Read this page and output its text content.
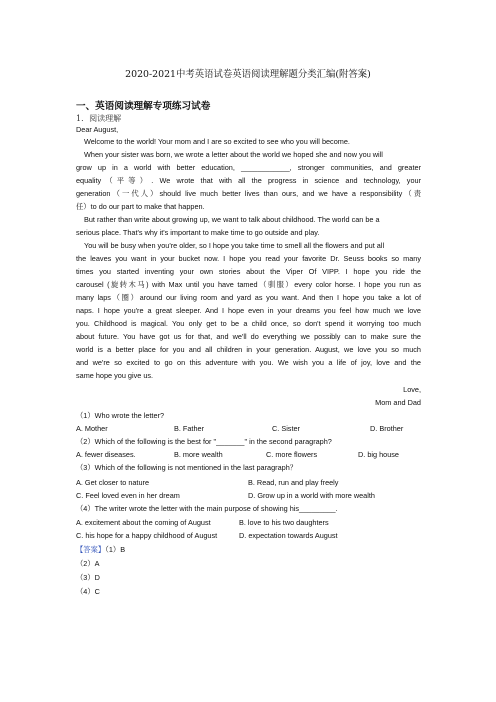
2020-2021中考英语试卷英语阅读理解题分类汇编(附答案)
一、英语阅读理解专项练习试卷
1．阅读理解
Dear August,
Welcome to the world! Your mom and I are so excited to see who you will become.
When your sister was born, we wrote a letter about the world we hoped she and now you will
grow up in a world with better education, ____________, stronger communities, and greater
equality（平等）. We wrote that with all the progress in science and technology, your
generation（一代人）should live much better lives than ours, and we have a responsibility（责
任）to do our part to make that happen.
But rather than write about growing up, we want to talk about childhood. The world can be a
serious place. That's why it's important to make time to go outside and play.
You will be busy when you're older, so I hope you take time to smell all the flowers and put all
the leaves you want in your bucket now. I hope you read your favorite Dr. Seuss books so many
times you started inventing your own stories about the Viper Of VIPP. I hope you ride the
carousel (旋转木马) with Max until you have tamed（驯服）every color horse. I hope you run as
many laps（圈）around our living room and yard as you want. And then I hope you take a lot of
naps. I hope you're a great sleeper. And I hope even in your dreams you feel how much we love
you. Childhood is magical. You only get to be a child once, so don't spend it worrying too much
about future. You have got us for that, and we'll do everything we possibly can to make sure the
world is a better place for you and all children in your generation. August, we love you so much
and we're so excited to go on this adventure with you. We wish you a life of joy, love and the
same hope you give us.
Love,
Mom and Dad
（1）Who wrote the letter?
A. Mother	B. Father	C. Sister	D. Brother
（2）Which of the following is the best for "_______" in the second paragraph?
A. fewer diseases.	B. more wealth	C. more flowers	D. big house
（3）Which of the following is not mentioned in the last paragraph？
A. Get closer to nature	B. Read, run and play freely
C. Feel loved even in her dream	D. Grow up in a world with more wealth
（4）The writer wrote the letter with the main purpose of showing his_________.
A. excitement about the coming of August	B. love to his two daughters
C. his hope for a happy childhood of August	D. expectation towards August
【答案】（1）B
（2）A
（3）D
（4）C
